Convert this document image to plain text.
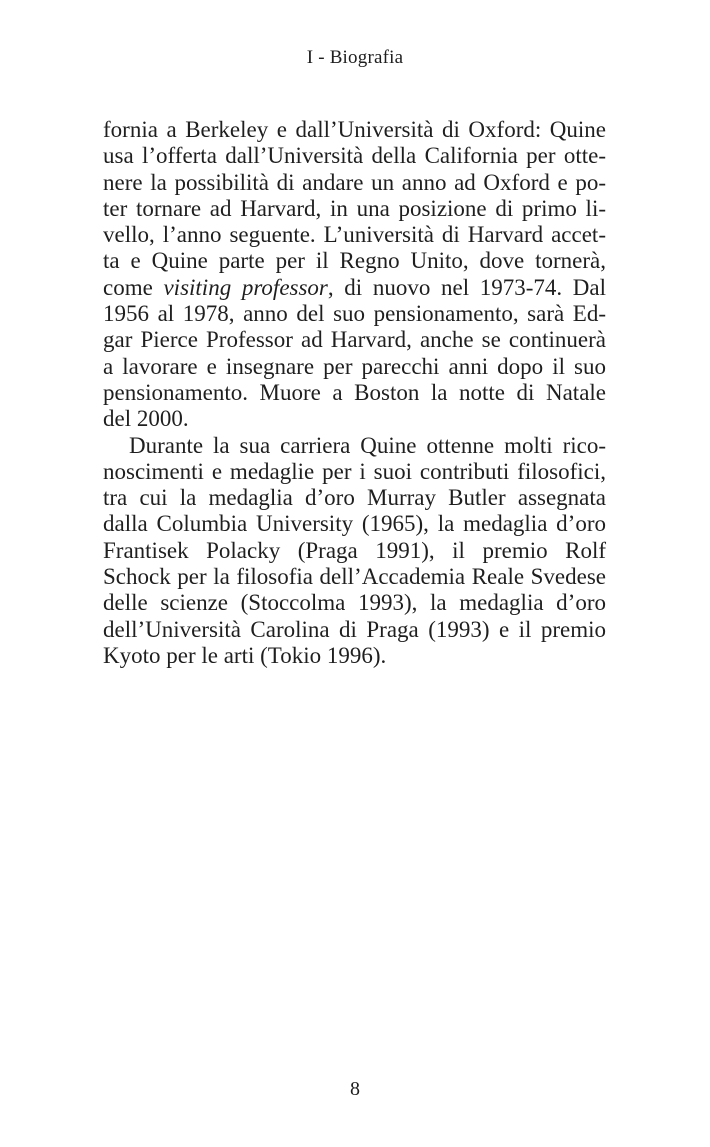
I - Biografia
fornia a Berkeley e dall’Università di Oxford: Quine
usa l’offerta dall’Università della California per otte-
nere la possibilità di andare un anno ad Oxford e po-
ter tornare ad Harvard, in una posizione di primo li-
vello, l’anno seguente. L’università di Harvard accet-
ta e Quine parte per il Regno Unito, dove tornerà,
come visiting professor, di nuovo nel 1973-74. Dal
1956 al 1978, anno del suo pensionamento, sarà Ed-
gar Pierce Professor ad Harvard, anche se continuerà
a lavorare e insegnare per parecchi anni dopo il suo
pensionamento. Muore a Boston la notte di Natale
del 2000.
Durante la sua carriera Quine ottenne molti rico-
noscimenti e medaglie per i suoi contributi filosofici,
tra cui la medaglia d’oro Murray Butler assegnata
dalla Columbia University (1965), la medaglia d’oro
Frantisek Polacky (Praga 1991), il premio Rolf
Schock per la filosofia dell’Accademia Reale Svedese
delle scienze (Stoccolma 1993), la medaglia d’oro
dell’Università Carolina di Praga (1993) e il premio
Kyoto per le arti (Tokio 1996).
8
